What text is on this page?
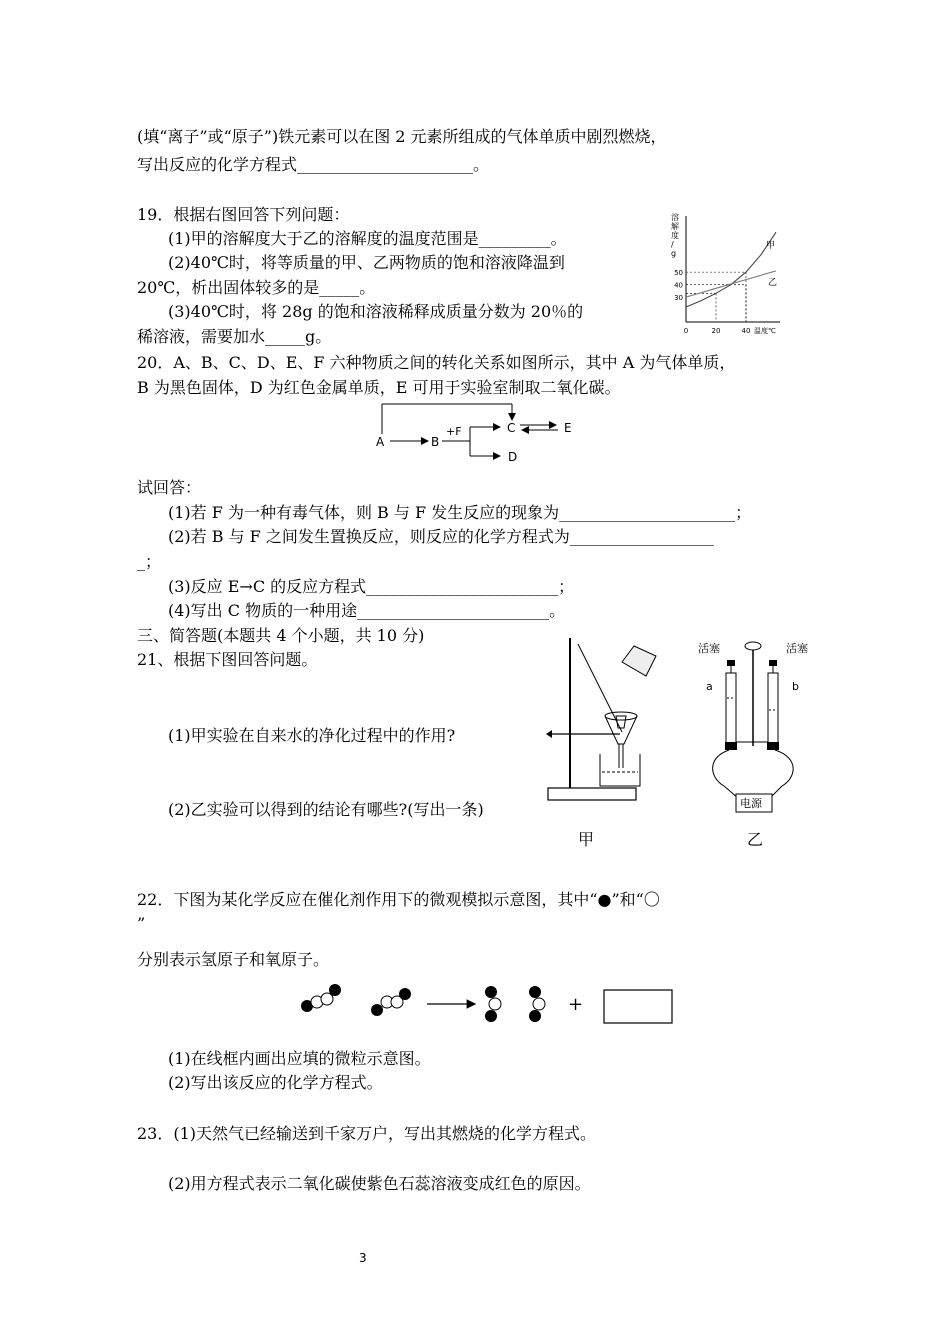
(填“离子”或“原子”)铁元素可以在图 2 元素所组成的气体单质中剧烈燃烧，
写出反应的化学方程式______________________。
19．根据右图回答下列问题：
(1)甲的溶解度大于乙的溶解度的温度范围是_________。
(2)40℃时，将等质量的甲、乙两物质的饱和溶液降温到
20℃，析出固体较多的是_____。
(3)40℃时，将 28g 的饱和溶液稀释成质量分数为 20％的
稀溶液，需要加水_____g。
溶
解
度
/
g
30
40
50
0	20	40 温度℃
甲
乙
20．A、B、C、D、E、F 六种物质之间的转化关系如图所示，其中 A 为气体单质，
B 为黑色固体，D 为红色金属单质，E 可用于实验室制取二氧化碳。
A	B
+F	C
D
E
试回答：
(1)若 F 为一种有毒气体，则 B 与 F 发生反应的现象为______________________；
(2)若 B 与 F 之间发生置换反应，则反应的化学方程式为__________________
_；
(3)反应 E→C 的反应方程式________________________；
(4)写出 C 物质的一种用途________________________。
三、简答题(本题共 4 个小题，共 10 分)
21、根据下图回答问题。
(1)甲实验在自来水的净化过程中的作用?
(2)乙实验可以得到的结论有哪些?(写出一条)
甲
活塞	活塞
a	b
电源
乙
22．下图为某化学反应在催化剂作用下的微观模拟示意图，其中“●”和“〇
”
分别表示氢原子和氧原子。
+
(1)在线框内画出应填的微粒示意图。
(2)写出该反应的化学方程式。
23．(1)天然气已经输送到千家万户，写出其燃烧的化学方程式。
(2)用方程式表示二氧化碳使紫色石蕊溶液变成红色的原因。
3
